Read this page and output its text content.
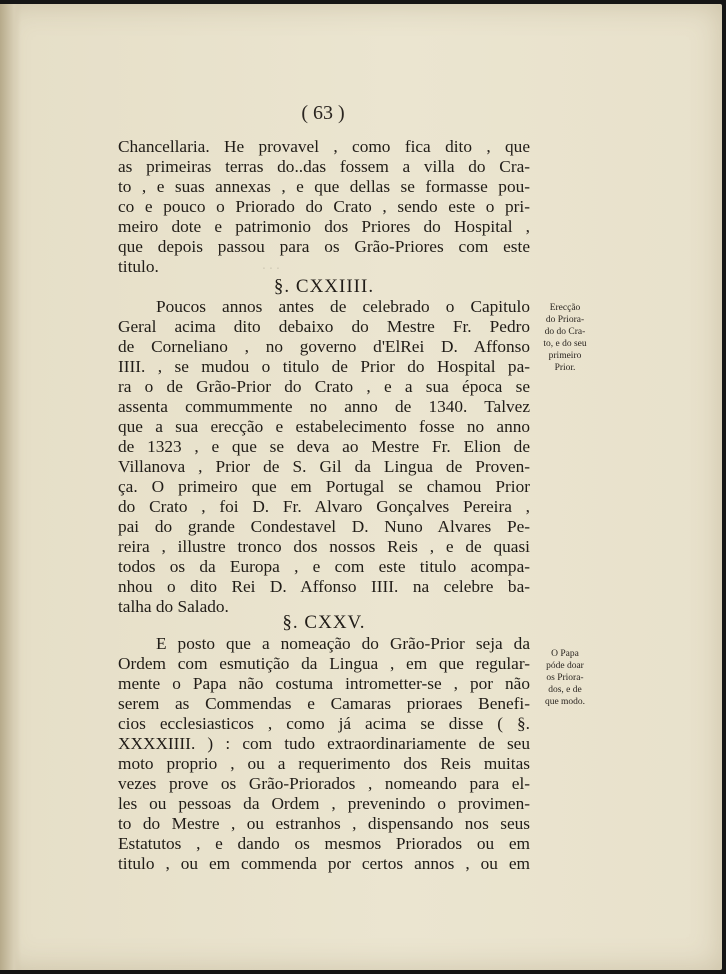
· · ·
( 63 )

Chancellaria. He provavel , como fica dito , que

as primeiras terras do..das fossem a villa do Cra-

to , e suas annexas , e que dellas se formasse pou-

co e pouco o Priorado do Crato , sendo este o pri-

meiro dote e patrimonio dos Priores do Hospital ,

que depois passou para os Grão-Priores com este

titulo.

§. CXXIIII.

Poucos annos antes de celebrado o Capitulo

Geral acima dito debaixo do Mestre Fr. Pedro

de Corneliano , no governo d'ElRei D. Affonso

IIII. , se mudou o titulo de Prior do Hospital pa-

ra o de Grão-Prior do Crato , e a sua época se

assenta commummente no anno de 1340. Talvez

que a sua erecção e estabelecimento fosse no anno

de 1323 , e que se deva ao Mestre Fr. Elion de

Villanova , Prior de S. Gil da Lingua de Proven-

ça. O primeiro que em Portugal se chamou Prior

do Crato , foi D. Fr. Alvaro Gonçalves Pereira ,

pai do grande Condestavel D. Nuno Alvares Pe-

reira , illustre tronco dos nossos Reis , e de quasi

todos os da Europa , e com este titulo acompa-

nhou o dito Rei D. Affonso IIII. na celebre ba-

talha do Salado.

§. CXXV.

E posto que a nomeação do Grão-Prior seja da

Ordem com esmutição da Lingua , em que regular-

mente o Papa não costuma intrometter-se , por não

serem as Commendas e Camaras prioraes Benefi-

cios ecclesiasticos , como já acima se disse ( §.

XXXXIIII. ) : com tudo extraordinariamente de seu

moto proprio , ou a requerimento dos Reis muitas

vezes prove os Grão-Priorados , nomeando para el-

les ou pessoas da Ordem , prevenindo o provimen-

to do Mestre , ou estranhos , dispensando nos seus

Estatutos , e dando os mesmos Priorados ou em

titulo , ou em commenda por certos annos , ou em

Erecção
do Priora-
do do Cra-
to, e do seu
primeiro
Prior.
O Papa
póde doar
os Priora-
dos, e de
que modo.
